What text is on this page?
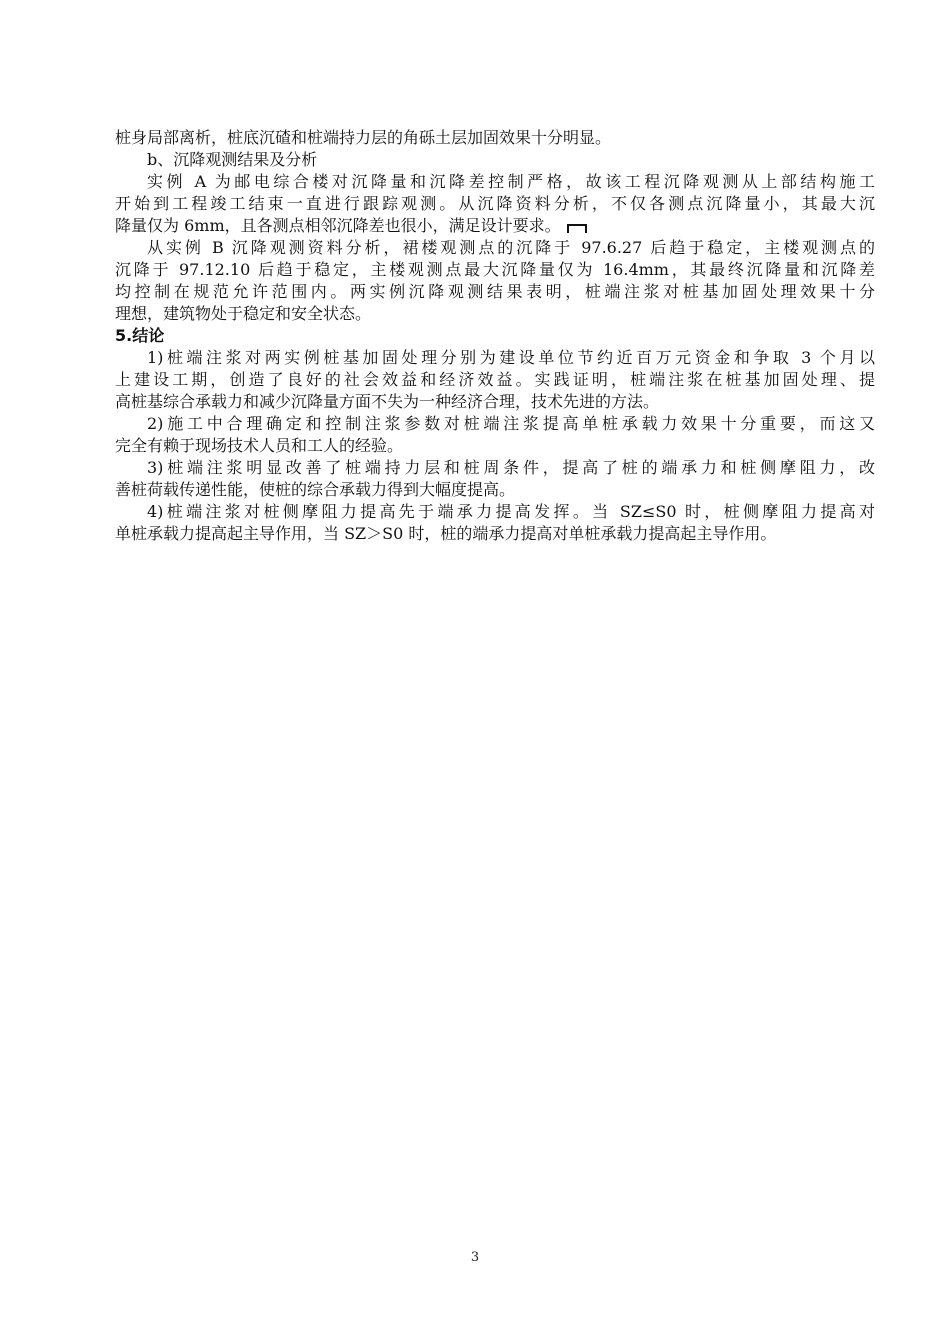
桩身局部离析，桩底沉碴和桩端持力层的角砾土层加固效果十分明显。
b、沉降观测结果及分析
实例 A 为邮电综合楼对沉降量和沉降差控制严格，故该工程沉降观测从上部结构施工
开始到工程竣工结束一直进行跟踪观测。从沉降资料分析，不仅各测点沉降量小，其最大沉
降量仅为 6mm，且各测点相邻沉降差也很小，满足设计要求。
从实例 B 沉降观测资料分析，裙楼观测点的沉降于 97.6.27 后趋于稳定，主楼观测点的
沉降于 97.12.10 后趋于稳定，主楼观测点最大沉降量仅为 16.4mm，其最终沉降量和沉降差
均控制在规范允许范围内。两实例沉降观测结果表明，桩端注浆对桩基加固处理效果十分
理想，建筑物处于稳定和安全状态。
5.结论
1)桩端注浆对两实例桩基加固处理分别为建设单位节约近百万元资金和争取 3 个月以
上建设工期，创造了良好的社会效益和经济效益。实践证明，桩端注浆在桩基加固处理、提
高桩基综合承载力和减少沉降量方面不失为一种经济合理，技术先进的方法。
2)施工中合理确定和控制注浆参数对桩端注浆提高单桩承载力效果十分重要，而这又
完全有赖于现场技术人员和工人的经验。
3)桩端注浆明显改善了桩端持力层和桩周条件，提高了桩的端承力和桩侧摩阻力，改
善桩荷载传递性能，使桩的综合承载力得到大幅度提高。
4)桩端注浆对桩侧摩阻力提高先于端承力提高发挥。当 SZ≤S0 时，桩侧摩阻力提高对
单桩承载力提高起主导作用，当 SZ＞S0 时，桩的端承力提高对单桩承载力提高起主导作用。
3
